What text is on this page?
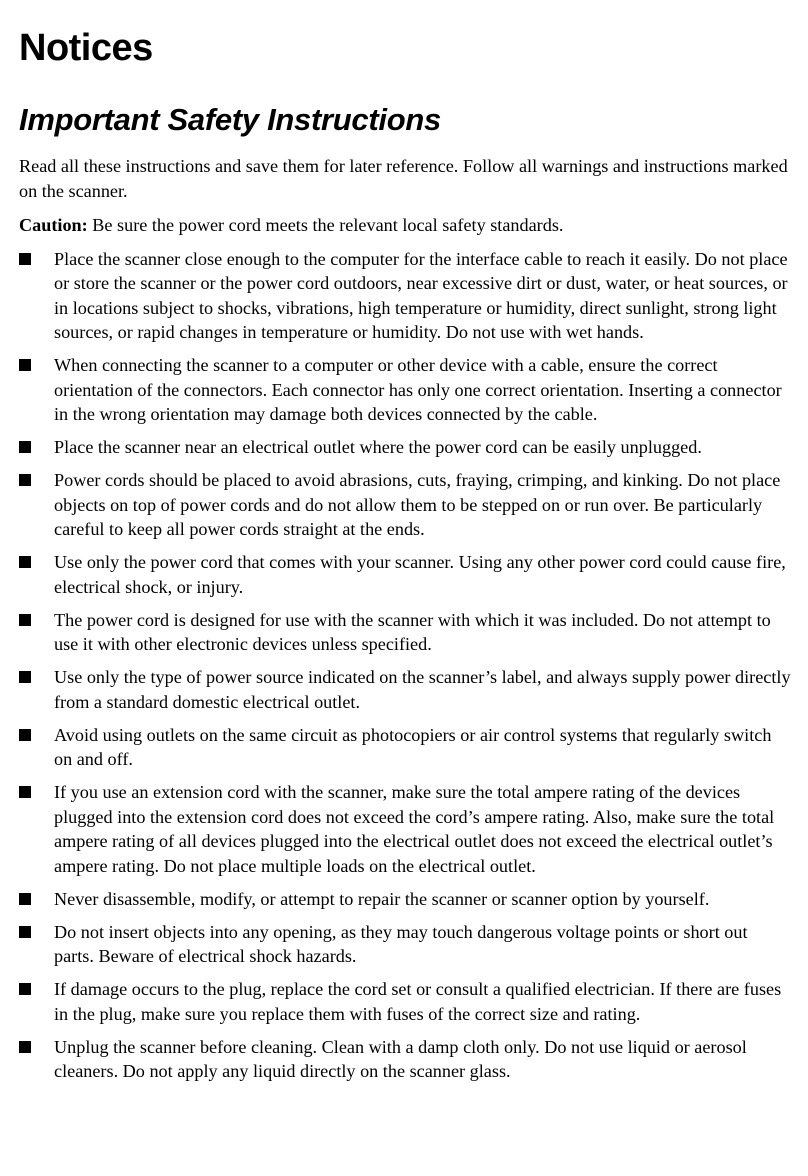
Notices
Important Safety Instructions

Read all these instructions and save them for later reference. Follow all warnings and instructions marked on the scanner.

Caution: Be sure the power cord meets the relevant local safety standards.

Place the scanner close enough to the computer for the interface cable to reach it easily. Do not place or store the scanner or the power cord outdoors, near excessive dirt or dust, water, or heat sources, or in locations subject to shocks, vibrations, high temperature or humidity, direct sunlight, strong light sources, or rapid changes in temperature or humidity. Do not use with wet hands.
When connecting the scanner to a computer or other device with a cable, ensure the correct orientation of the connectors. Each connector has only one correct orientation. Inserting a connector in the wrong orientation may damage both devices connected by the cable.
Place the scanner near an electrical outlet where the power cord can be easily unplugged.
Power cords should be placed to avoid abrasions, cuts, fraying, crimping, and kinking. Do not place objects on top of power cords and do not allow them to be stepped on or run over. Be particularly careful to keep all power cords straight at the ends.
Use only the power cord that comes with your scanner. Using any other power cord could cause fire, electrical shock, or injury.
The power cord is designed for use with the scanner with which it was included. Do not attempt to use it with other electronic devices unless specified.
Use only the type of power source indicated on the scanner’s label, and always supply power directly from a standard domestic electrical outlet.
Avoid using outlets on the same circuit as photocopiers or air control systems that regularly switch on and off.
If you use an extension cord with the scanner, make sure the total ampere rating of the devices plugged into the extension cord does not exceed the cord’s ampere rating. Also, make sure the total ampere rating of all devices plugged into the electrical outlet does not exceed the electrical outlet’s ampere rating. Do not place multiple loads on the electrical outlet.
Never disassemble, modify, or attempt to repair the scanner or scanner option by yourself.
Do not insert objects into any opening, as they may touch dangerous voltage points or short out parts. Beware of electrical shock hazards.
If damage occurs to the plug, replace the cord set or consult a qualified electrician. If there are fuses in the plug, make sure you replace them with fuses of the correct size and rating.
Unplug the scanner before cleaning. Clean with a damp cloth only. Do not use liquid or aerosol cleaners. Do not apply any liquid directly on the scanner glass.
